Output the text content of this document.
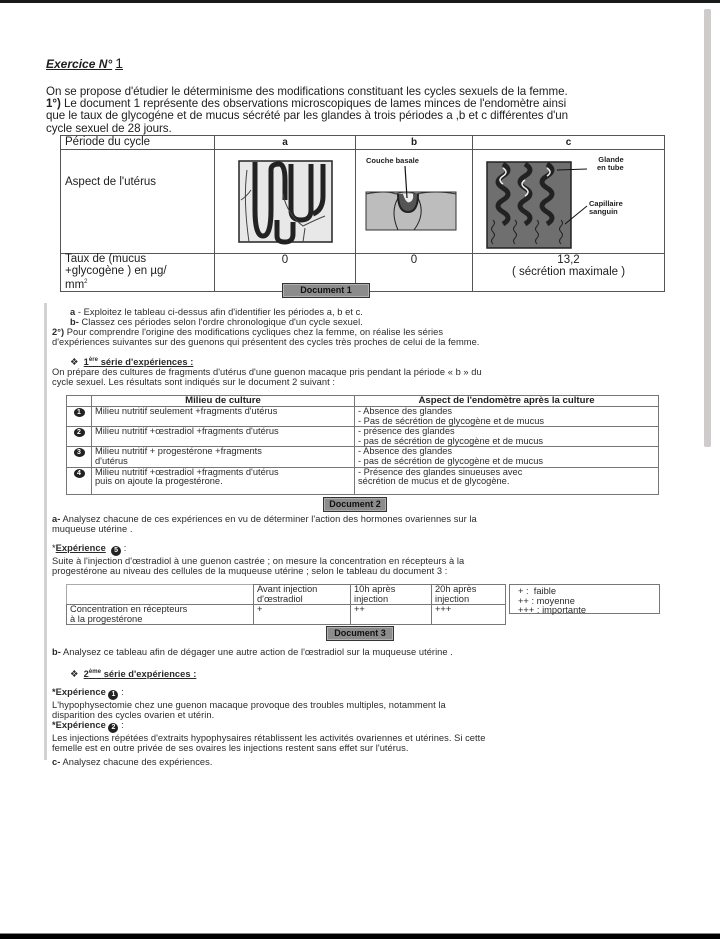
Exercice N° 1
On se propose d'étudier le déterminisme des modifications constituant les cycles sexuels de la femme.
1°) Le document 1 représente des observations microscopiques de lames minces de l'endomètre ainsi
que le taux de glycogéne et de mucus sécrété par les glandes à trois périodes a ,b et c différentes d'un
cycle sexuel de 28 jours.
Période du cycle	a	b	c
Aspect de l'utérus		Couche basale	Glande
en tube
Capillaire
sanguin

Taux de (mucus
+glycogène ) en µg/
$mm^2$	0	0	13,2
( sécrétion maximale )
Document 1
a - Exploitez le tableau ci-dessus afin d'identifier les périodes a, b et c.
b- Classez ces périodes selon l'ordre chronologique d'un cycle sexuel.
2°) Pour comprendre l'origine des modifications cycliques chez la femme, on réalise les séries
d'expériences suivantes sur des guenons qui présentent des cycles très proches de celui de la femme.
❖ 1ère série d'expériences :
On prépare des cultures de fragments d'utérus d'une guenon macaque pris pendant la période « b » du
cycle sexuel. Les résultats sont indiqués sur le document 2 suivant :
	Milieu de culture	Aspect de l'endomètre après la culture
1	Milieu nutritif seulement +fragments d'utérus	- Absence des glandes
- Pas de sécrétion de glycogène et de mucus
2	Milieu nutritif +œstradiol +fragments d'utérus	- présence des glandes
- pas de sécrétion de glycogène et de mucus
3	Milieu nutritif + progestérone +fragments
d'utérus	- Absence des glandes
- pas de sécrétion de glycogène et de mucus
4	Milieu nutritif +œstradiol +fragments d'utérus
puis on ajoute la progestérone.	- Présence des glandes sinueuses avec
sécrétion de mucus et de glycogène.
Document 2
a- Analysez chacune de ces expériences en vu de déterminer l'action des hormones ovariennes sur la
muqueuse utérine .
*Expérience 5 :
Suite à l'injection d'œstradiol à une guenon castrée ; on mesure la concentration en récepteurs à la
progestérone au niveau des cellules de la muqueuse utérine ; selon le tableau du document 3 :
	Avant injection
d'œstradiol	10h après
injection	20h après
injection
Concentration en récepteurs
à la progestérone	+	++	+++
+ : faible
++ : moyenne
+++ : importante
Document 3
b- Analysez ce tableau afin de dégager une autre action de l'œstradiol sur la muqueuse utérine .
❖ 2ème série d'expériences :
*Expérience 1 :
L'hypophysectomie chez une guenon macaque provoque des troubles multiples, notamment la
disparition des cycles ovarien et utérin.
*Expérience 2 :
Les injections répétées d'extraits hypophysaires rétablissent les activités ovariennes et utérines. Si cette
femelle est en outre privée de ses ovaires les injections restent sans effet sur l'utérus.
c- Analysez chacune des expériences.
